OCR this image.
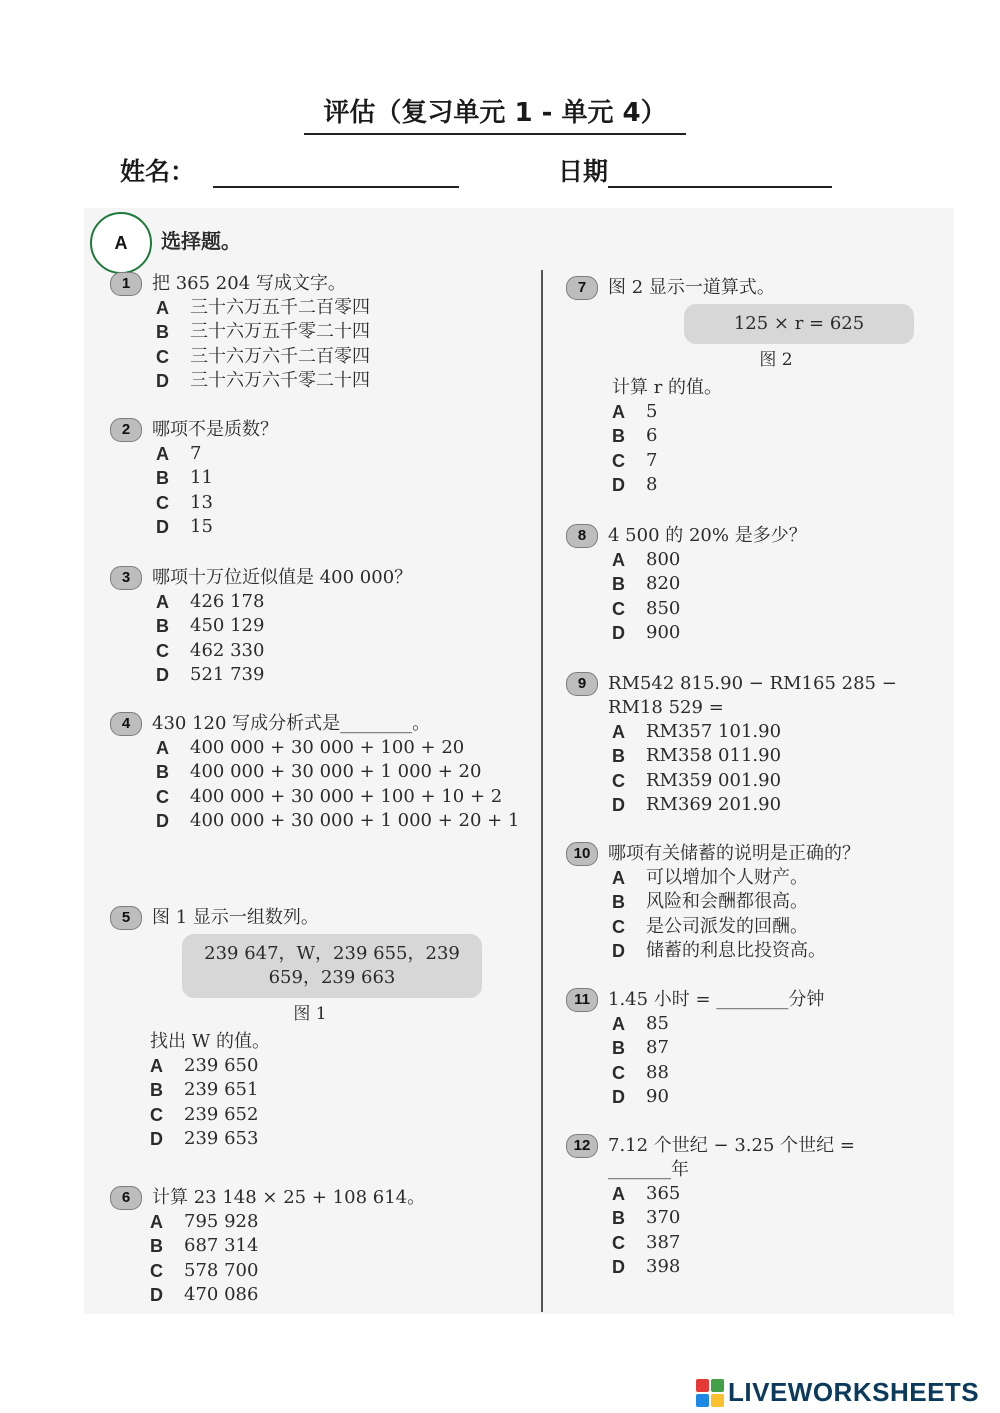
评估（复习单元 1 - 单元 4）
姓名：	日期
A	选择题。
1	把 365 204 写成文字。
A	三十六万五千二百零四
B	三十六万五千零二十四
C	三十六万六千二百零四
D	三十六万六千零二十四
2	哪项不是质数？
A	7
B	11
C	13
D	15
3	哪项十万位近似值是 400 000？
A	426 178
B	450 129
C	462 330
D	521 739
4	430 120 写成分析式是________。
A	400 000 + 30 000 + 100 + 20
B	400 000 + 30 000 + 1 000 + 20
C	400 000 + 30 000 + 100 + 10 + 2
D	400 000 + 30 000 + 1 000 + 20 + 1
5	图 1 显示一组数列。
239 647，W，239 655，239 659，239 663
图 1
找出 W 的值。
A	239 650
B	239 651
C	239 652
D	239 653
6	计算 23 148 × 25 + 108 614。
A	795 928
B	687 314
C	578 700
D	470 086
7	图 2 显示一道算式。
125 × r = 625
图 2
计算 r 的值。
A	5
B	6
C	7
D	8
8	4 500 的 20% 是多少？
A	800
B	820
C	850
D	900
9	RM542 815.90 − RM165 285 − RM18 529 =
A	RM357 101.90
B	RM358 011.90
C	RM359 001.90
D	RM369 201.90
10 哪项有关储蓄的说明是正确的？
A	可以增加个人财产。
B	风险和会酬都很高。
C	是公司派发的回酬。
D	储蓄的利息比投资高。
11	1.45 小时 = ________分钟
A	85
B	87
C	88
D	90
12 7.12 个世纪 − 3.25 个世纪 = _______年
A	365
B	370
C	387
D	398
LIVEWORKSHEETS
